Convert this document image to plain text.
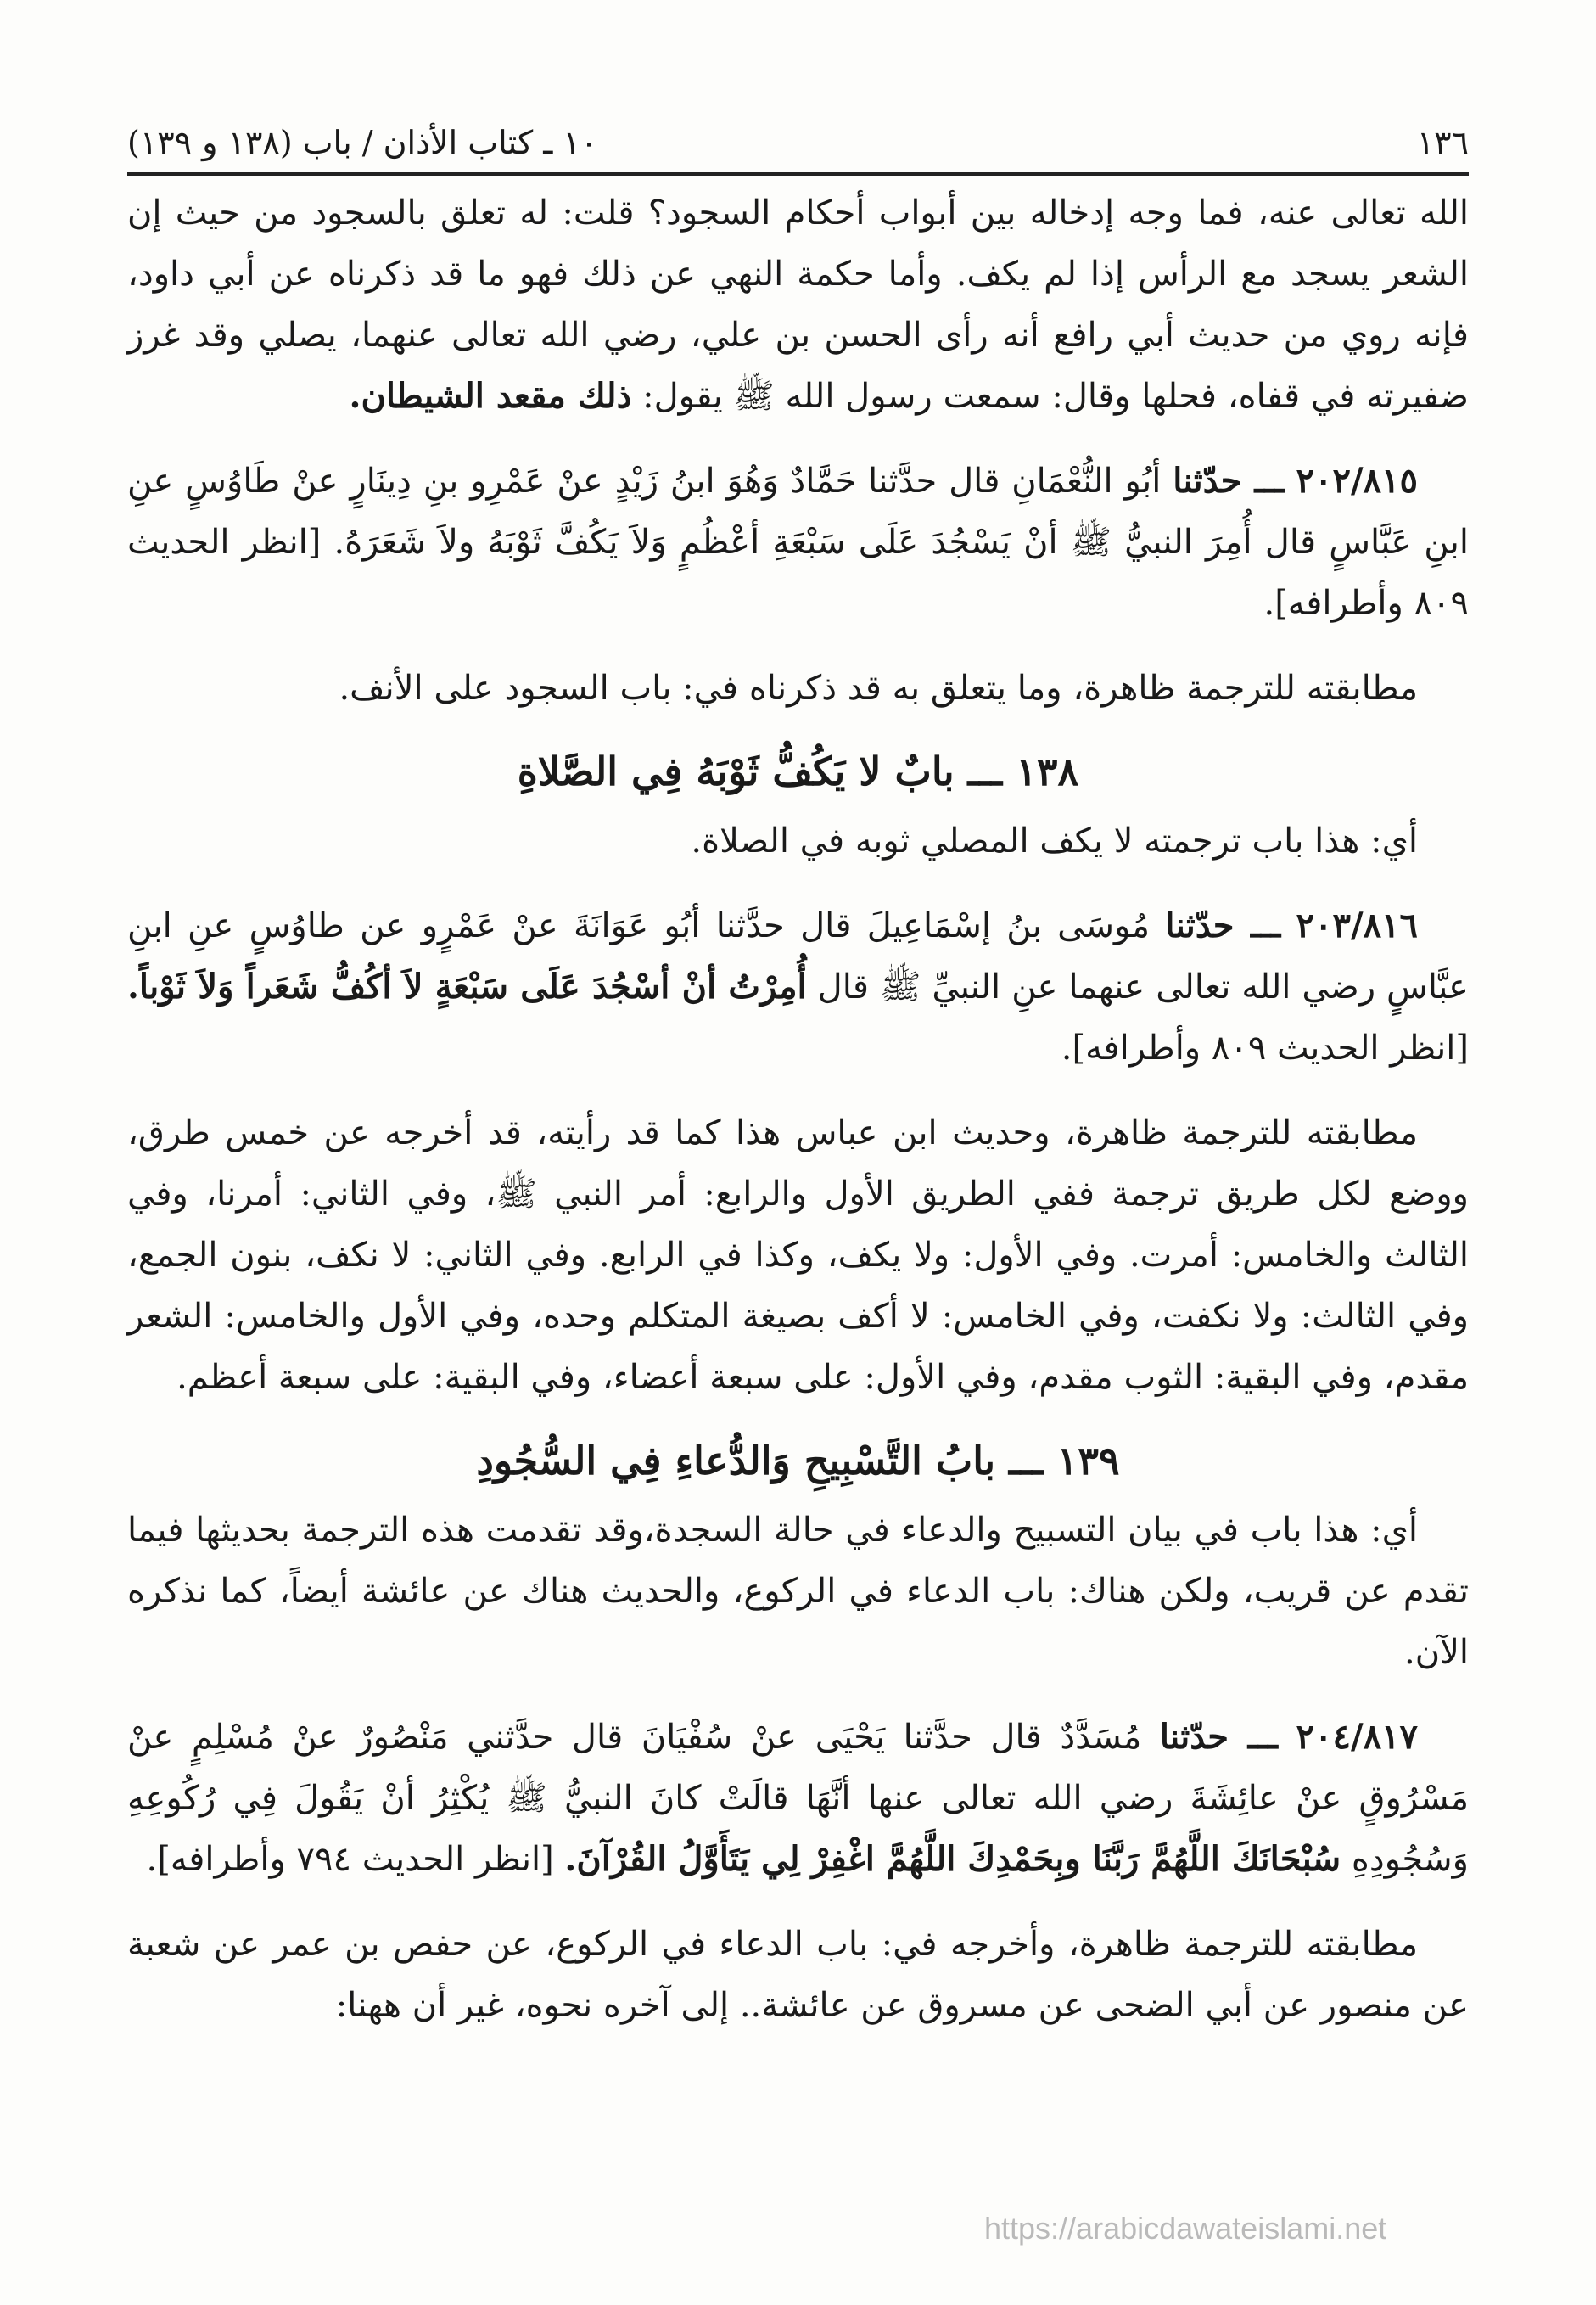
١٣٦
١٠ ـ كتاب الأذان / باب (١٣٨ و ١٣٩)

الله تعالى عنه، فما وجه إدخاله بين أبواب أحكام السجود؟ قلت: له تعلق بالسجود من حيث إن الشعر يسجد مع الرأس إذا لم يكف. وأما حكمة النهي عن ذلك فهو ما قد ذكرناه عن أبي داود، فإنه روي من حديث أبي رافع أنه رأى الحسن بن علي، رضي الله تعالى عنهما، يصلي وقد غرز ضفيرته في قفاه، فحلها وقال: سمعت رسول الله ﷺ يقول: ذلك مقعد الشيطان.

٢٠٢/٨١٥ ـــ حدّثنا أبُو النُّعْمَانِ قال حدَّثنا حَمَّادٌ وَهُوَ ابنُ زَيْدٍ عنْ عَمْرِو بنِ دِينَارٍ عنْ طَاوُسٍ عنِ ابنِ عَبَّاسٍ قال أُمِرَ النبيُّ ﷺ أنْ يَسْجُدَ عَلَى سَبْعَةِ أعْظُمٍ وَلاَ يَكُفَّ ثَوْبَهُ ولاَ شَعَرَهُ. [انظر الحديث ٨٠٩ وأطرافه].

مطابقته للترجمة ظاهرة، وما يتعلق به قد ذكرناه في: باب السجود على الأنف.

١٣٨ ـــ بابٌ لا يَكُفُّ ثَوْبَهُ فِي الصَّلاةِ

أي: هذا باب ترجمته لا يكف المصلي ثوبه في الصلاة.

٢٠٣/٨١٦ ـــ حدّثنا مُوسَى بنُ إسْمَاعِيلَ قال حدَّثنا أبُو عَوَانَةَ عنْ عَمْرٍو عن طاوُسٍ عنِ ابنِ عبَّاسٍ رضي الله تعالى عنهما عنِ النبيِّ ﷺ قال أُمِرْتُ أنْ أسْجُدَ عَلَى سَبْعَةٍ لاَ أكُفُّ شَعَراً وَلاَ ثَوْباً. [انظر الحديث ٨٠٩ وأطرافه].

مطابقته للترجمة ظاهرة، وحديث ابن عباس هذا كما قد رأيته، قد أخرجه عن خمس طرق، ووضع لكل طريق ترجمة ففي الطريق الأول والرابع: أمر النبي ﷺ، وفي الثاني: أمرنا، وفي الثالث والخامس: أمرت. وفي الأول: ولا يكف، وكذا في الرابع. وفي الثاني: لا نكف، بنون الجمع، وفي الثالث: ولا نكفت، وفي الخامس: لا أكف بصيغة المتكلم وحده، وفي الأول والخامس: الشعر مقدم، وفي البقية: الثوب مقدم، وفي الأول: على سبعة أعضاء، وفي البقية: على سبعة أعظم.

١٣٩ ـــ بابُ التَّسْبِيحِ وَالدُّعاءِ فِي السُّجُودِ

أي: هذا باب في بيان التسبيح والدعاء في حالة السجدة،وقد تقدمت هذه الترجمة بحديثها فيما تقدم عن قريب، ولكن هناك: باب الدعاء في الركوع، والحديث هناك عن عائشة أيضاً، كما نذكره الآن.

٢٠٤/٨١٧ ـــ حدّثنا مُسَدَّدٌ قال حدَّثنا يَحْيَى عنْ سُفْيَانَ قال حدَّثني مَنْصُورٌ عنْ مُسْلِمٍ عنْ مَسْرُوقٍ عنْ عائِشَةَ رضي الله تعالى عنها أنَّهَا قالَتْ كانَ النبيُّ ﷺ يُكْثِرُ أنْ يَقُولَ فِي رُكُوعِهِ وَسُجُودِهِ سُبْحَانَكَ اللَّهُمَّ رَبَّنَا وبِحَمْدِكَ اللَّهُمَّ اغْفِرْ لِي يَتَأَوَّلُ القُرْآنَ. [انظر الحديث ٧٩٤ وأطرافه].

مطابقته للترجمة ظاهرة، وأخرجه في: باب الدعاء في الركوع، عن حفص بن عمر عن شعبة عن منصور عن أبي الضحى عن مسروق عن عائشة.. إلى آخره نحوه، غير أن ههنا:

https://arabicdawateislami.net
